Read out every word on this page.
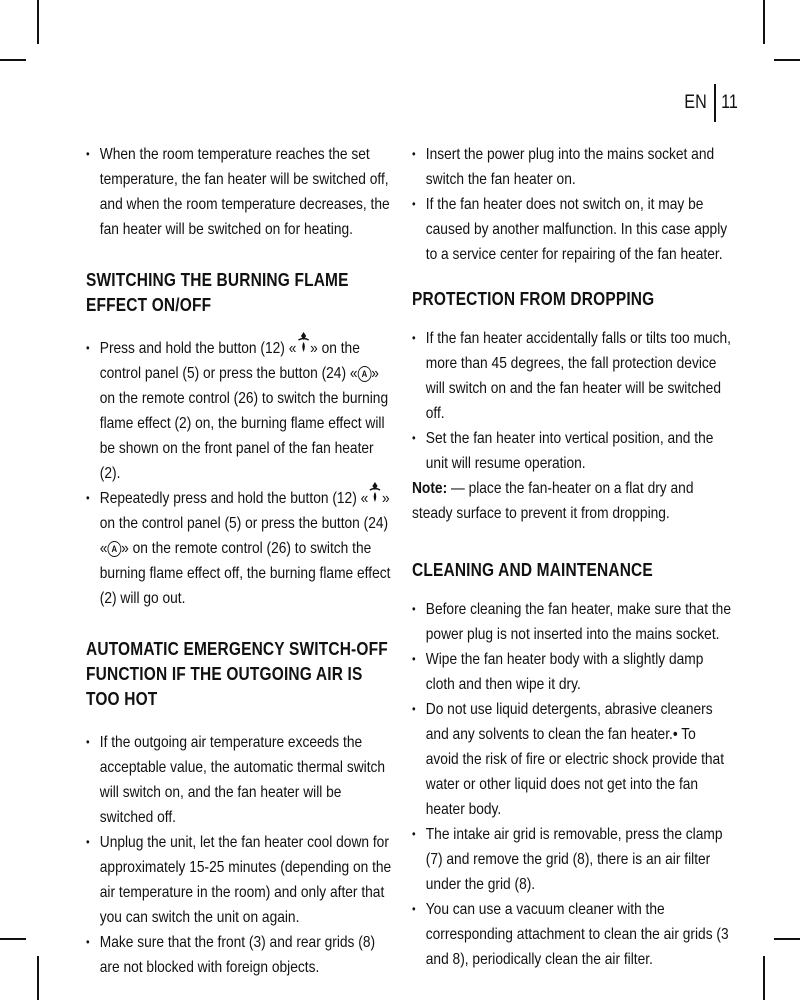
EN 11
• When the room temperature reaches the set temperature, the fan heater will be switched off, and when the room temperature decreases, the fan heater will be switched on for heating.
SWITCHING THE BURNING FLAME EFFECT ON/OFF
• Press and hold the button (12) « » on the control panel (5) or press the button (24) « A » on the remote control (26) to switch the burning flame effect (2) on, the burning flame effect will be shown on the front panel of the fan heater (2).
• Repeatedly press and hold the button (12) « » on the control panel (5) or press the button (24) « A » on the remote control (26) to switch the burning flame effect off, the burning flame effect (2) will go out.
AUTOMATIC EMERGENCY SWITCH-OFF FUNCTION IF THE OUTGOING AIR IS TOO HOT
• If the outgoing air temperature exceeds the acceptable value, the automatic thermal switch will switch on, and the fan heater will be switched off.
• Unplug the unit, let the fan heater cool down for approximately 15-25 minutes (depending on the air temperature in the room) and only after that you can switch the unit on again.
• Make sure that the front (3) and rear grids (8) are not blocked with foreign objects.
• Insert the power plug into the mains socket and switch the fan heater on.
• If the fan heater does not switch on, it may be caused by another malfunction. In this case apply to a service center for repairing of the fan heater.
PROTECTION FROM DROPPING
• If the fan heater accidentally falls or tilts too much, more than 45 degrees, the fall protection device will switch on and the fan heater will be switched off.
• Set the fan heater into vertical position, and the unit will resume operation.
Note: — place the fan-heater on a flat dry and steady surface to prevent it from dropping.
CLEANING AND MAINTENANCE
• Before cleaning the fan heater, make sure that the power plug is not inserted into the mains socket.
• Wipe the fan heater body with a slightly damp cloth and then wipe it dry.
• Do not use liquid detergents, abrasive cleaners and any solvents to clean the fan heater.• To avoid the risk of fire or electric shock provide that water or other liquid does not get into the fan heater body.
• The intake air grid is removable, press the clamp (7) and remove the grid (8), there is an air filter under the grid (8).
• You can use a vacuum cleaner with the corresponding attachment to clean the air grids (3 and 8), periodically clean the air filter.
